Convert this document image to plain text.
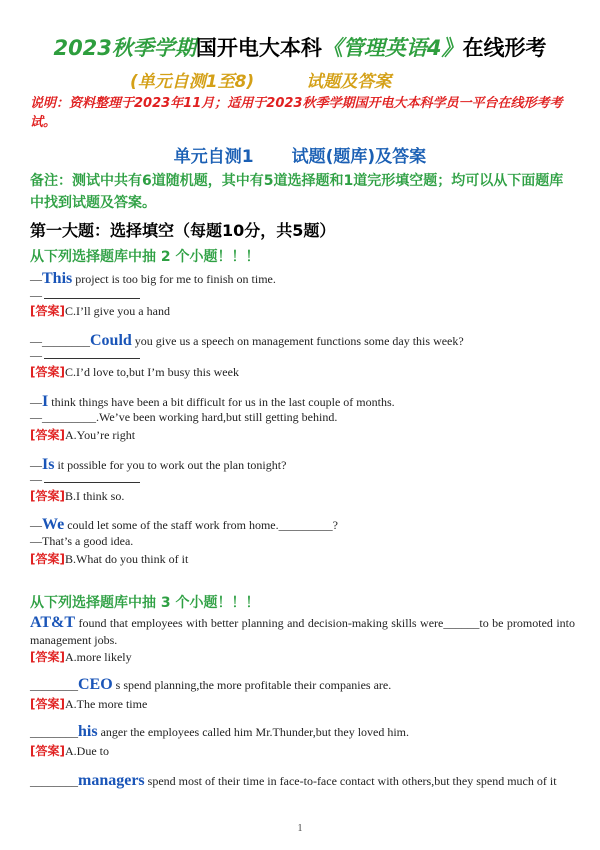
2023秋季学期国开电大本科《管理英语4》在线形考
(单元自测1至8)	试题及答案
说明：资料整理于2023年11月；适用于2023秋季学期国开电大本科学员一平台在线形考考试。
单元自测1 试题(题库)及答案
备注：测试中共有6道随机题，其中有5道选择题和1道完形填空题；均可以从下面题库中找到试题及答案。
第一大题：选择填空（每题10分，共5题）
从下列选择题库中抽 2 个小题！！！
—This project is too big for me to finish on time.
—
[答案]C.I’ll give you a hand
—________Could you give us a speech on management functions some day this week?
—
[答案]C.I’d love to,but I’m busy this week
—I think things have been a bit difficult for us in the last couple of months.
—_________.We’ve been working hard,but still getting behind.
[答案]A.You’re right
—Is it possible for you to work out the plan tonight?
—
[答案]B.I think so.
—We could let some of the staff work from home._________?
—That’s a good idea.
[答案]B.What do you think of it
从下列选择题库中抽 3 个小题！！！
AT&T found that employees with better planning and decision-making skills were______to be promoted into management jobs.
[答案]A.more likely
________CEO s spend planning,the more profitable their companies are.
[答案]A.The more time
________his anger the employees called him Mr.Thunder,but they loved him.
[答案]A.Due to
________managers spend most of their time in face-to-face contact with others,but they spend much of it
1
